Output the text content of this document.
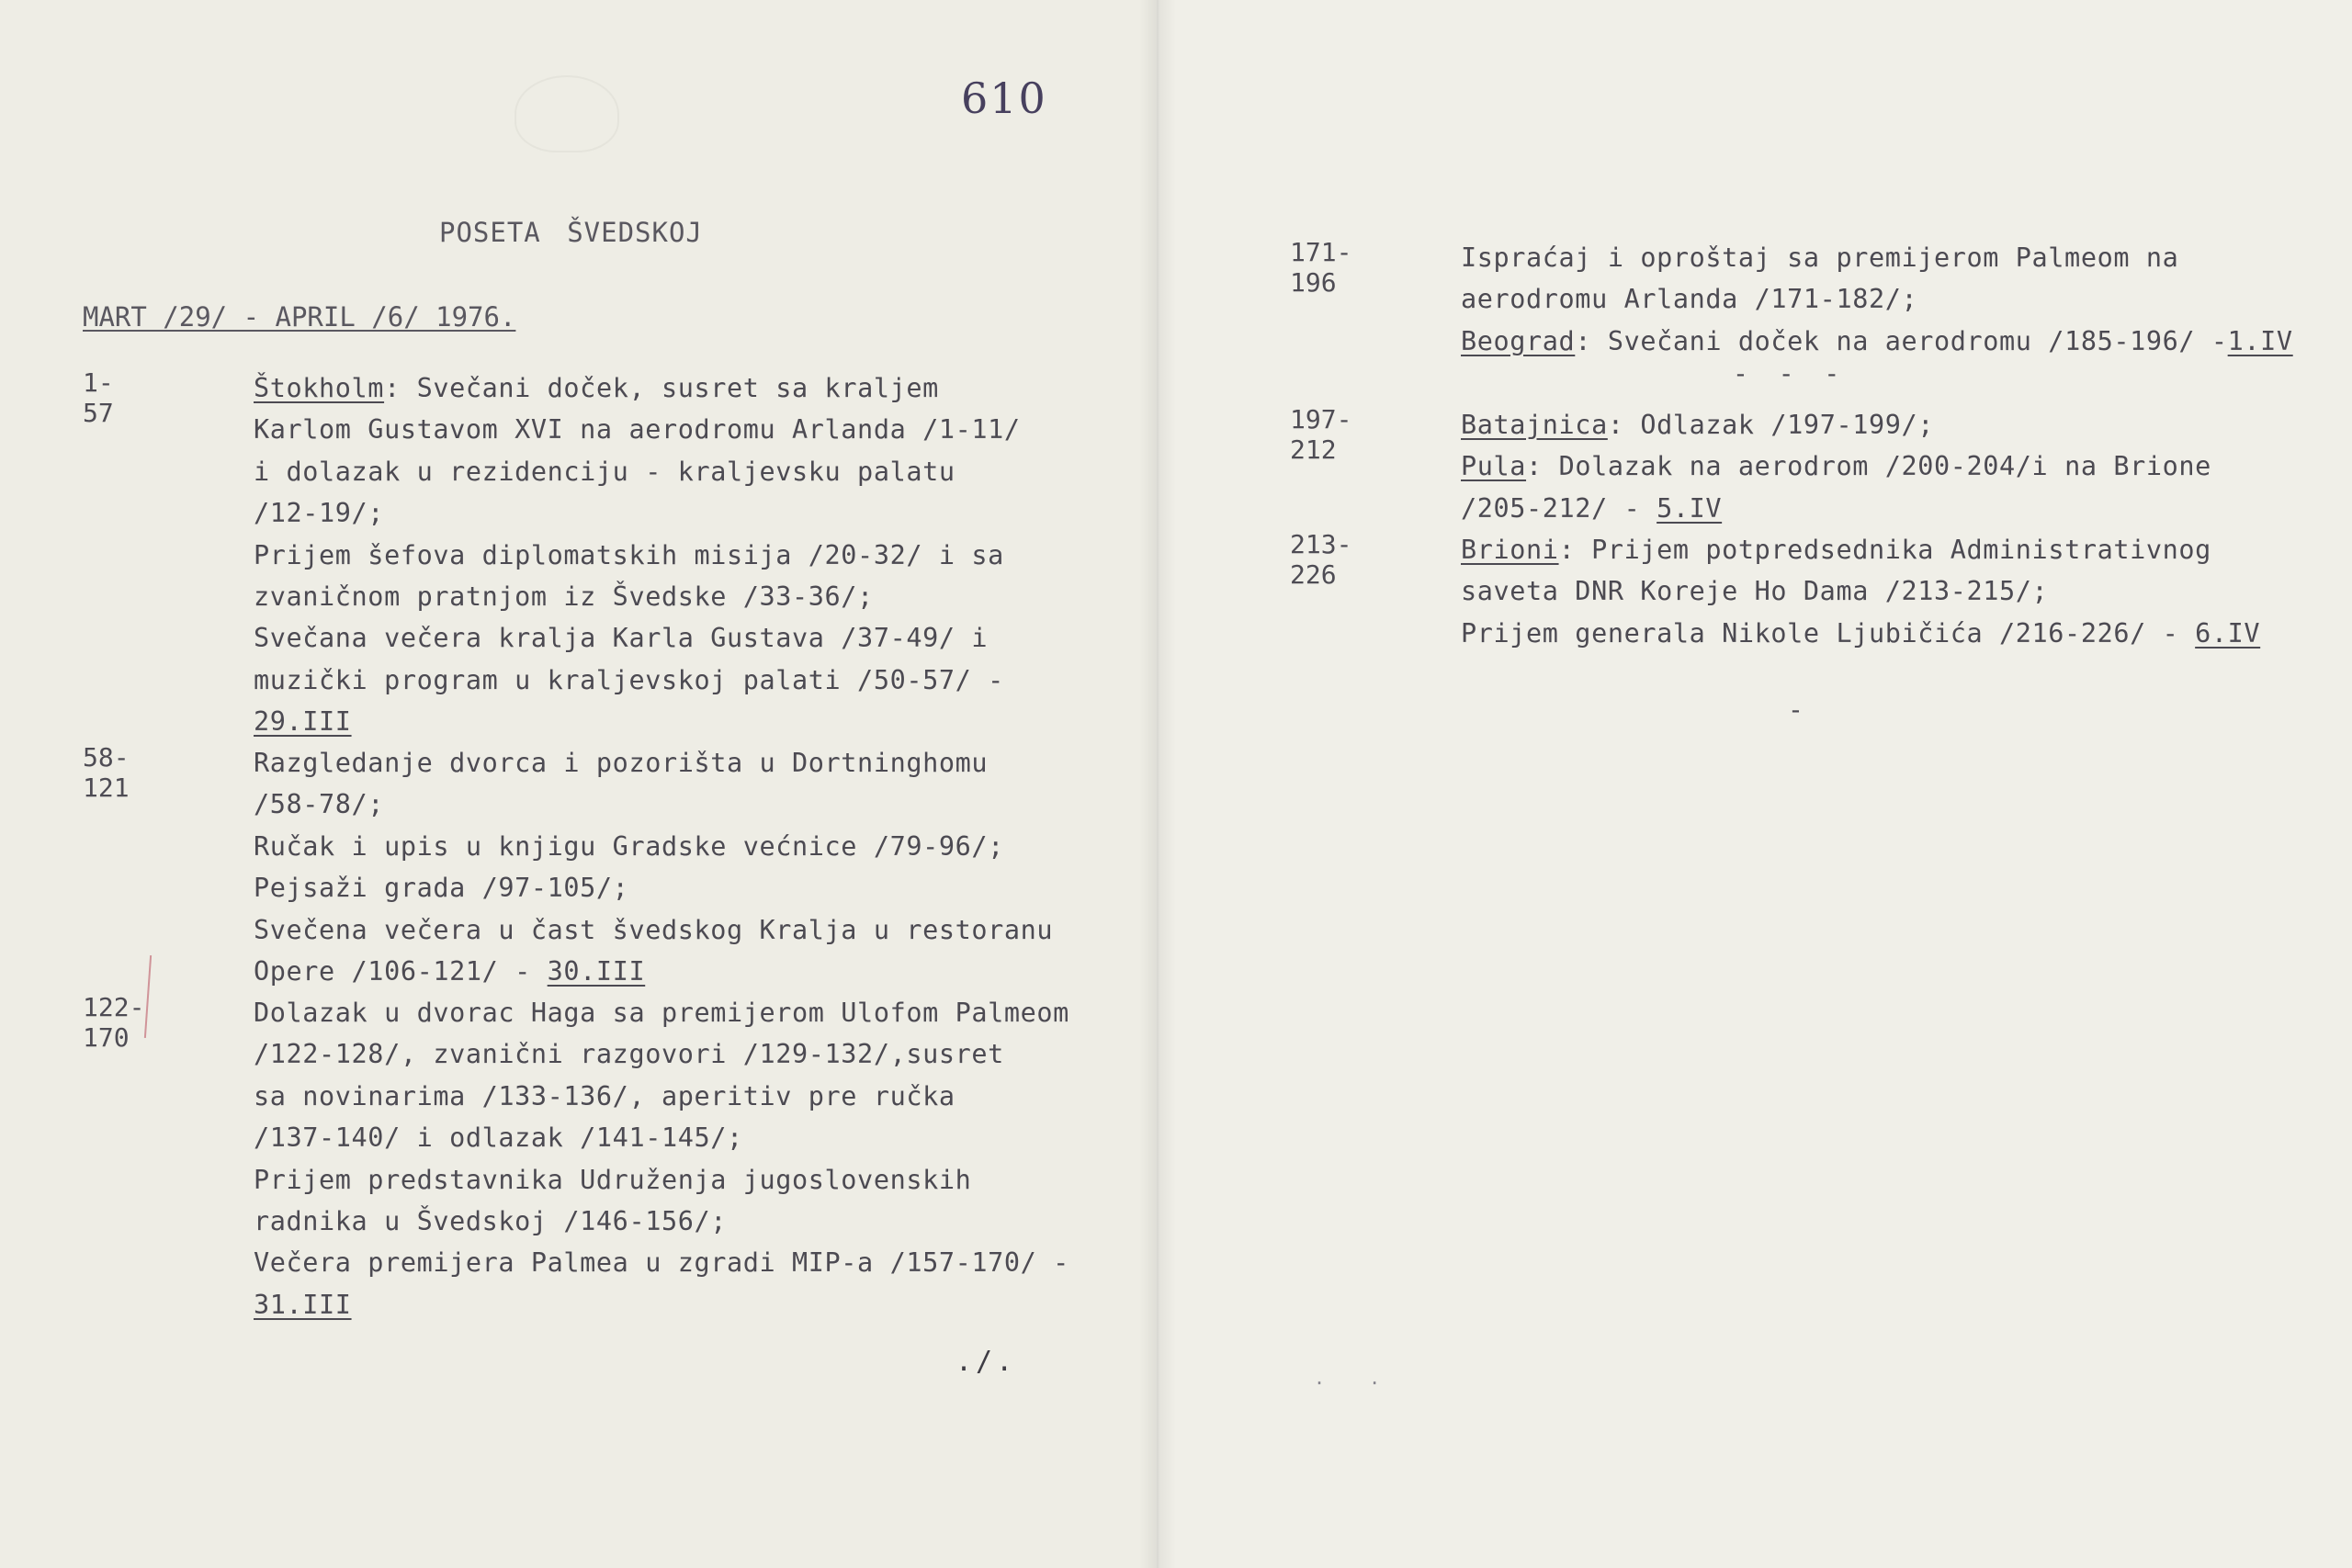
610
POSETA ŠVEDSKOJ
MART /29/ - APRIL /6/ 1976.
1-57
Štokholm: Svečani doček, susret sa kraljem
Karlom Gustavom XVI na aerodromu Arlanda /1-11/
i dolazak u rezidenciju - kraljevsku palatu
/12-19/;
Prijem šefova diplomatskih misija /20-32/ i sa
zvaničnom pratnjom iz Švedske /33-36/;
Svečana večera kralja Karla Gustava /37-49/ i
muzički program u kraljevskoj palati /50-57/ -
29.III
58-121
Razgledanje dvorca i pozorišta u Dortninghomu
/58-78/;
Ručak i upis u knjigu Gradske većnice /79-96/;
Pejsaži grada /97-105/;
Svečena večera u čast švedskog Kralja u restoranu
Opere /106-121/ - 30.III
122-170
Dolazak u dvorac Haga sa premijerom Ulofom Palmeom
/122-128/, zvanični razgovori /129-132/,susret
sa novinarima /133-136/, aperitiv pre ručka
/137-140/ i odlazak /141-145/;
Prijem predstavnika Udruženja jugoslovenskih
radnika u Švedskoj /146-156/;
Večera premijera Palmea u zgradi MIP-a /157-170/ -
31.III
171-196
Ispraćaj i oproštaj sa premijerom Palmeom na
aerodromu Arlanda /171-182/;
Beograd: Svečani doček na aerodromu /185-196/ -1.IV
197-212
Batajnica: Odlazak /197-199/;
Pula: Dolazak na aerodrom /200-204/i na Brione
/205-212/ - 5.IV
213-226
Brioni: Prijem potpredsednika Administrativnog
saveta DNR Koreje Ho Dama /213-215/;
Prijem generala Nikole Ljubičića /216-226/ - 6.IV
- - -
-
./.	. .
